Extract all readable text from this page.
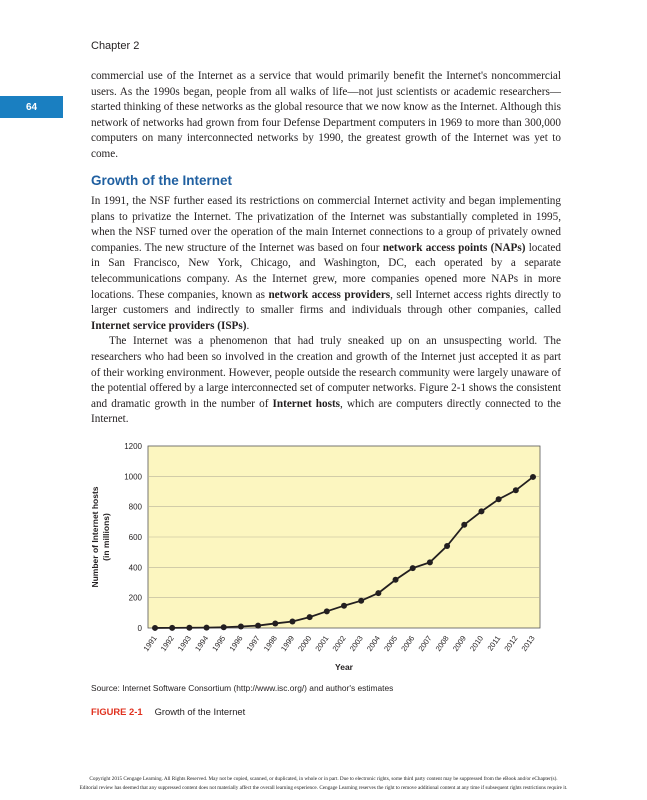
Chapter 2
64

commercial use of the Internet as a service that would primarily benefit the Internet's noncommercial users. As the 1990s began, people from all walks of life—not just scientists or academic researchers—started thinking of these networks as the global resource that we now know as the Internet. Although this network of networks had grown from four Defense Department computers in 1969 to more than 300,000 computers on many interconnected networks by 1990, the greatest growth of the Internet was yet to come.

Growth of the Internet

In 1991, the NSF further eased its restrictions on commercial Internet activity and began implementing plans to privatize the Internet. The privatization of the Internet was substantially completed in 1995, when the NSF turned over the operation of the main Internet connections to a group of privately owned companies. The new structure of the Internet was based on four network access points (NAPs) located in San Francisco, New York, Chicago, and Washington, DC, each operated by a separate telecommunications company. As the Internet grew, more companies opened more NAPs in more locations. These companies, known as network access providers, sell Internet access rights directly to larger customers and indirectly to smaller firms and individuals through other companies, called Internet service providers (ISPs).

The Internet was a phenomenon that had truly sneaked up on an unsuspecting world. The researchers who had been so involved in the creation and growth of the Internet just accepted it as part of their working environment. However, people outside the research community were largely unaware of the potential offered by a large interconnected set of computer networks. Figure 2-1 shows the consistent and dramatic growth in the number of Internet hosts, which are computers directly connected to the Internet.

0
200
400
600
800
1000
1200
1991 1992 1993 1994 1995 1996 1997 1998 1999 2000 2001 2002 2003 2004 2005 2006 2007 2008 2009 2010 2011 2012 2013
Year
Number of Internet hosts (in millions)
Source: Internet Software Consortium (http://www.isc.org/) and author's estimates
FIGURE 2-1 Growth of the Internet
Copyright 2015 Cengage Learning. All Rights Reserved. May not be copied, scanned, or duplicated, in whole or in part. Due to electronic rights, some third party content may be suppressed from the eBook and/or eChapter(s).
Editorial review has deemed that any suppressed content does not materially affect the overall learning experience. Cengage Learning reserves the right to remove additional content at any time if subsequent rights restrictions require it.
